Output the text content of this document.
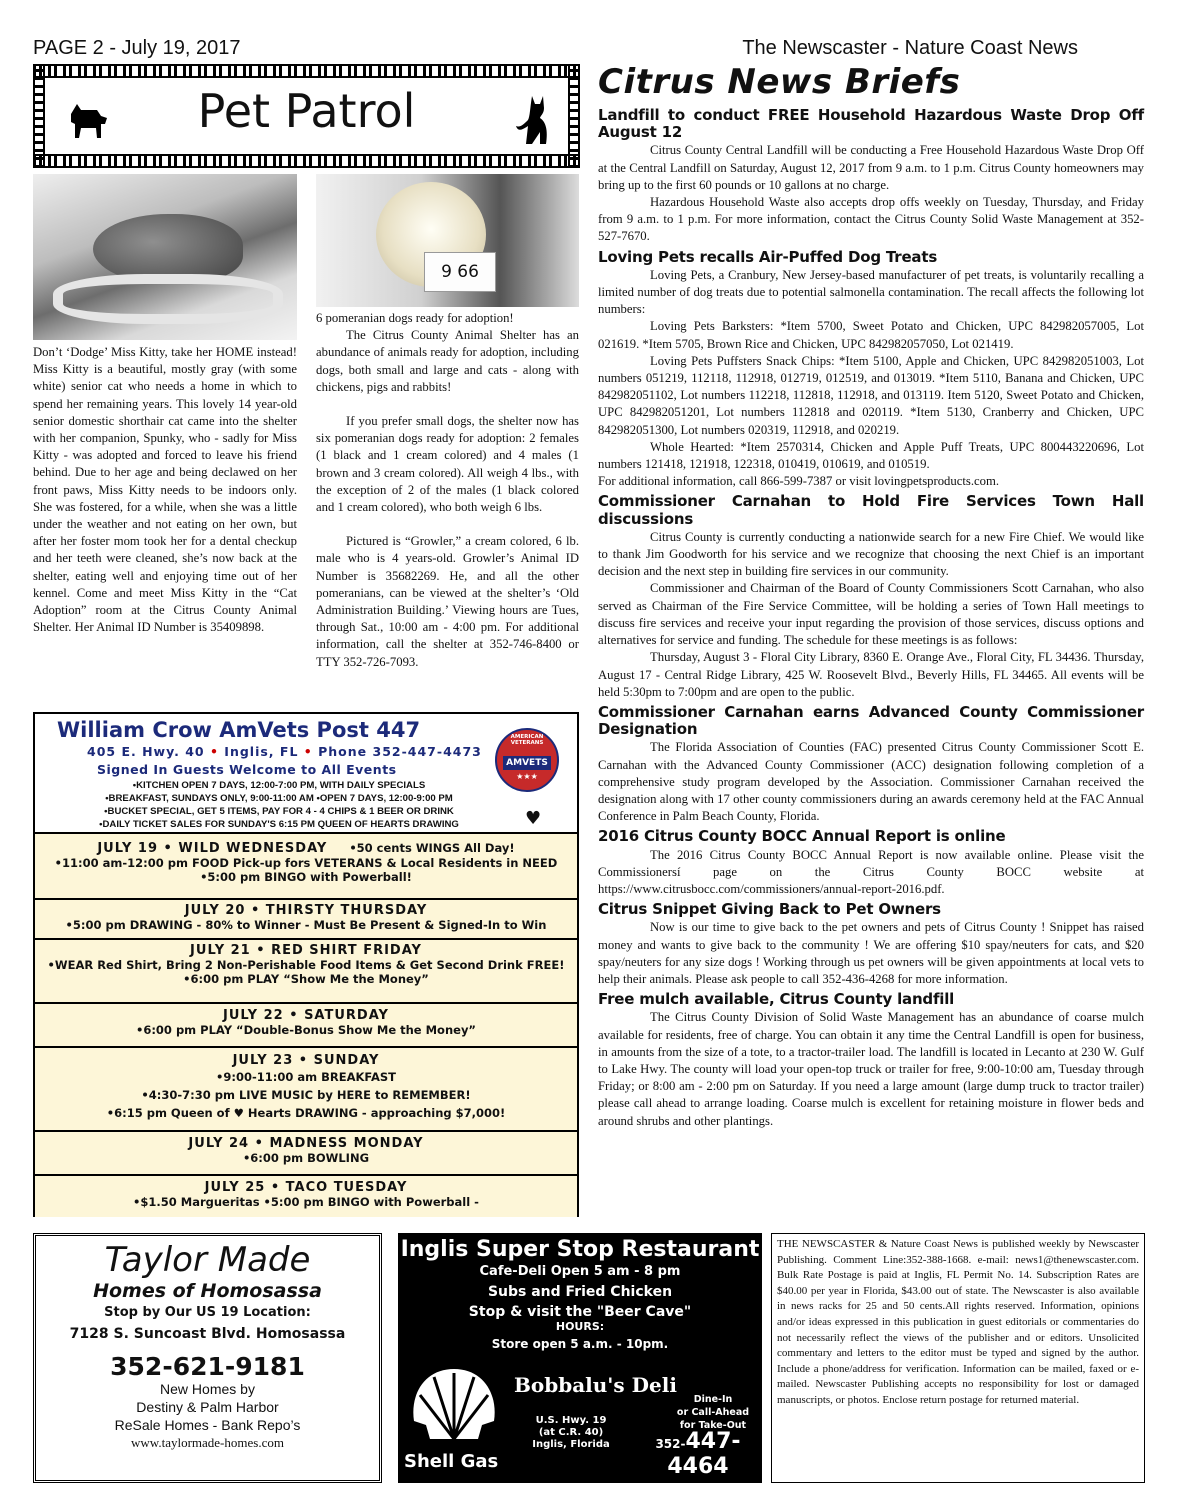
PAGE 2 - July 19, 2017	The Newscaster - Nature Coast News
Pet Patrol
9 66
Don’t ‘Dodge’ Miss Kitty, take her HOME instead! Miss Kitty is a beautiful, mostly gray (with some white) senior cat who needs a home in which to spend her remaining years. This lovely 14 year-old senior domestic shorthair cat came into the shelter with her companion, Spunky, who - sadly for Miss Kitty - was adopted and forced to leave his friend behind. Due to her age and being declawed on her front paws, Miss Kitty needs to be indoors only. She was fostered, for a while, when she was a little under the weather and not eating on her own, but after her foster mom took her for a dental checkup and her teeth were cleaned, she’s now back at the shelter, eating well and enjoying time out of her kennel. Come and meet Miss Kitty in the “Cat Adoption” room at the Citrus County Animal Shelter. Her Animal ID Number is 35409898.
6 pomeranian dogs ready for adoption!

The Citrus County Animal Shelter has an abundance of animals ready for adoption, including dogs, both small and large and cats - along with chickens, pigs and rabbits!

If you prefer small dogs, the shelter now has six pomeranian dogs ready for adoption: 2 females (1 black and 1 cream colored) and 4 males (1 brown and 3 cream colored). All weigh 4 lbs., with the exception of 2 of the males (1 black colored and 1 cream colored), who both weigh 6 lbs.

Pictured is “Growler,” a cream colored, 6 lb. male who is 4 years-old. Growler’s Animal ID Number is 35682269. He, and all the other pomeranians, can be viewed at the shelter’s ‘Old Administration Building.’ Viewing hours are Tues, through Sat., 10:00 am - 4:00 pm. For additional information, call the shelter at 352-746-8400 or TTY 352-726-7093.

Citrus News Briefs
Landfill to conduct FREE Household Hazardous Waste Drop Off August 12

Citrus County Central Landfill will be conducting a Free Household Hazardous Waste Drop Off at the Central Landfill on Saturday, August 12, 2017 from 9 a.m. to 1 p.m. Citrus County homeowners may bring up to the first 60 pounds or 10 gallons at no charge.

Hazardous Household Waste also accepts drop offs weekly on Tuesday, Thursday, and Friday from 9 a.m. to 1 p.m. For more information, contact the Citrus County Solid Waste Management at 352-527-7670.

Loving Pets recalls Air-Puffed Dog Treats

Loving Pets, a Cranbury, New Jersey-based manufacturer of pet treats, is voluntarily recalling a limited number of dog treats due to potential salmonella contamination. The recall affects the following lot numbers:

Loving Pets Barksters: *Item 5700, Sweet Potato and Chicken, UPC 842982057005, Lot 021619. *Item 5705, Brown Rice and Chicken, UPC 842982057050, Lot 021419.

Loving Pets Puffsters Snack Chips: *Item 5100, Apple and Chicken, UPC 842982051003, Lot numbers 051219, 112118, 112918, 012719, 012519, and 013019. *Item 5110, Banana and Chicken, UPC 842982051102, Lot numbers 112218, 112818, 112918, and 013119. Item 5120, Sweet Potato and Chicken, UPC 842982051201, Lot numbers 112818 and 020119. *Item 5130, Cranberry and Chicken, UPC 842982051300, Lot numbers 020319, 112918, and 020219.

Whole Hearted: *Item 2570314, Chicken and Apple Puff Treats, UPC 800443220696, Lot numbers 121418, 121918, 122318, 010419, 010619, and 010519.

For additional information, call 866-599-7387 or visit lovingpetsproducts.com.
Commissioner Carnahan to Hold Fire Services Town Hall discussions

Citrus County is currently conducting a nationwide search for a new Fire Chief. We would like to thank Jim Goodworth for his service and we recognize that choosing the next Chief is an important decision and the next step in building fire services in our community.

Commissioner and Chairman of the Board of County Commissioners Scott Carnahan, who also served as Chairman of the Fire Service Committee, will be holding a series of Town Hall meetings to discuss fire services and receive your input regarding the provision of those services, discuss options and alternatives for service and funding. The schedule for these meetings is as follows:

Thursday, August 3 - Floral City Library, 8360 E. Orange Ave., Floral City, FL 34436. Thursday, August 17 - Central Ridge Library, 425 W. Roosevelt Blvd., Beverly Hills, FL 34465. All events will be held 5:30pm to 7:00pm and are open to the public.

Commissioner Carnahan earns Advanced County Commissioner Designation

The Florida Association of Counties (FAC) presented Citrus County Commissioner Scott E. Carnahan with the Advanced County Commissioner (ACC) designation following completion of a comprehensive study program developed by the Association. Commissioner Carnahan received the designation along with 17 other county commissioners during an awards ceremony held at the FAC Annual Conference in Palm Beach County, Florida.

2016 Citrus County BOCC Annual Report is online

The 2016 Citrus County BOCC Annual Report is now available online. Please visit the Commissionersí page on the Citrus County BOCC website at https://www.citrusbocc.com/commissioners/annual-report-2016.pdf.

Citrus Snippet Giving Back to Pet Owners

Now is our time to give back to the pet owners and pets of Citrus County ! Snippet has raised money and wants to give back to the community ! We are offering $10 spay/neuters for cats, and $20 spay/neuters for any size dogs ! Working through us pet owners will be given appointments at local vets to help their animals. Please ask people to call 352-436-4268 for more information.

Free mulch available, Citrus County landfill

The Citrus County Division of Solid Waste Management has an abundance of coarse mulch available for residents, free of charge. You can obtain it any time the Central Landfill is open for business, in amounts from the size of a tote, to a tractor-trailer load. The landfill is located in Lecanto at 230 W. Gulf to Lake Hwy. The county will load your open-top truck or trailer for free, 9:00-10:00 am, Tuesday through Friday; or 8:00 am - 2:00 pm on Saturday. If you need a large amount (large dump truck to tractor trailer) please call ahead to arrange loading. Coarse mulch is excellent for retaining moisture in flower beds and around shrubs and other plantings.

William Crow AmVets Post 447
405 E. Hwy. 40 • Inglis, FL • Phone 352-447-4473
Signed In Guests Welcome to All Events
•KITCHEN OPEN 7 DAYS, 12:00-7:00 PM, WITH DAILY SPECIALS
•BREAKFAST, SUNDAYS ONLY, 9:00-11:00 AM •OPEN 7 DAYS, 12:00-9:00 PM
•BUCKET SPECIAL, GET 5 ITEMS, PAY FOR 4 - 4 CHIPS & 1 BEER OR DRINK
•DAILY TICKET SALES FOR SUNDAY'S 6:15 PM QUEEN OF HEARTS DRAWING
AMERICAN VETERANS
AMVETS
★★★
♥
JULY 19 • WILD WEDNESDAY •50 cents WINGS All Day!
•11:00 am-12:00 pm FOOD Pick-up fors VETERANS & Local Residents in NEED
•5:00 pm BINGO with Powerball!
JULY 20 • THIRSTY THURSDAY
•5:00 pm DRAWING - 80% to Winner - Must Be Present & Signed-In to Win
JULY 21 • RED SHIRT FRIDAY
•WEAR Red Shirt, Bring 2 Non-Perishable Food Items & Get Second Drink FREE!
•6:00 pm PLAY “Show Me the Money”
JULY 22 • SATURDAY
•6:00 pm PLAY “Double-Bonus Show Me the Money”
JULY 23 • SUNDAY
•9:00-11:00 am BREAKFAST
•4:30-7:30 pm LIVE MUSIC by HERE to REMEMBER!
•6:15 pm Queen of ♥ Hearts DRAWING - approaching $7,000!
JULY 24 • MADNESS MONDAY
•6:00 pm BOWLING
JULY 25 • TACO TUESDAY
•$1.50 Margueritas •5:00 pm BINGO with Powerball -
Taylor Made
Homes of Homosassa
Stop by Our US 19 Location:
7128 S. Suncoast Blvd. Homosassa
352-621-9181
New Homes by
Destiny & Palm Harbor
ReSale Homes - Bank Repo’s
www.taylormade-homes.com
Inglis Super Stop Restaurant
Cafe-Deli Open 5 am - 8 pm
Subs and Fried Chicken
Stop & visit the "Beer Cave"
HOURS:
Store open 5 a.m. - 10pm.
Shell Gas
Bobbalu's Deli
Dine-In
or Call-Ahead
for Take-Out
U.S. Hwy. 19
(at C.R. 40)
Inglis, Florida	352-447-4464
THE NEWSCASTER & Nature Coast News is published weekly by Newscaster Publishing. Comment Line:352-388-1668. e-mail: news1@thenewscaster.com. Bulk Rate Postage is paid at Inglis, FL Permit No. 14. Subscription Rates are $40.00 per year in Florida, $43.00 out of state. The Newscaster is also available in news racks for 25 and 50 cents.All rights reserved. Information, opinions and/or ideas expressed in this publication in guest editorials or commentaries do not necessarily reflect the views of the publisher and or editors. Unsolicited commentary and letters to the editor must be typed and signed by the author. Include a phone/address for verification. Information can be mailed, faxed or e-mailed. Newscaster Publishing accepts no responsibility for lost or damaged manuscripts, or photos. Enclose return postage for returned material.
